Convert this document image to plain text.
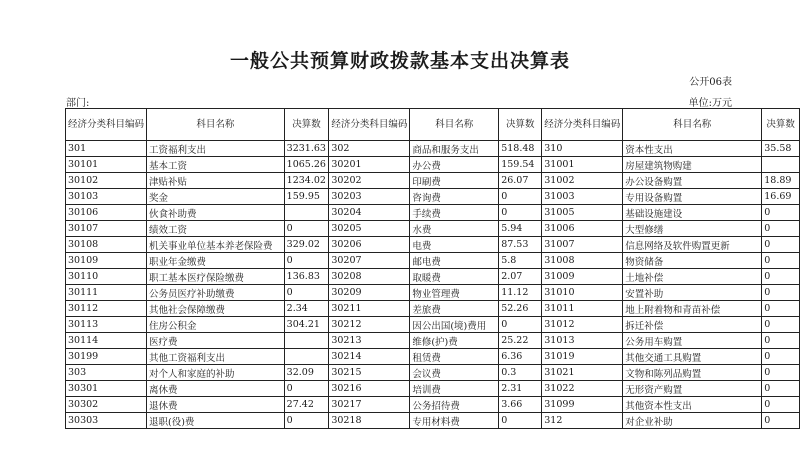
一般公共预算财政拨款基本支出决算表
公开06表
部门:	单位:万元
经济分类科目编码	科目名称	决算数	经济分类科目编码	科目名称	决算数	经济分类科目编码	科目名称	决算数
301	工资福利支出	3231.63	302	商品和服务支出	518.48	310	资本性支出	35.58
30101	基本工资	1065.26	30201	办公费	159.54	31001	房屋建筑物购建	
30102	津贴补贴	1234.02	30202	印刷费	26.07	31002	办公设备购置	18.89
30103	奖金	159.95	30203	咨询费	0	31003	专用设备购置	16.69
30106	伙食补助费		30204	手续费	0	31005	基础设施建设	0
30107	绩效工资	0	30205	水费	5.94	31006	大型修缮	0
30108	机关事业单位基本养老保险费	329.02	30206	电费	87.53	31007	信息网络及软件购置更新	0
30109	职业年金缴费	0	30207	邮电费	5.8	31008	物资储备	0
30110	职工基本医疗保险缴费	136.83	30208	取暖费	2.07	31009	土地补偿	0
30111	公务员医疗补助缴费	0	30209	物业管理费	11.12	31010	安置补助	0
30112	其他社会保障缴费	2.34	30211	差旅费	52.26	31011	地上附着物和青苗补偿	0
30113	住房公积金	304.21	30212	因公出国(境)费用	0	31012	拆迁补偿	0
30114	医疗费		30213	维修(护)费	25.22	31013	公务用车购置	0
30199	其他工资福利支出		30214	租赁费	6.36	31019	其他交通工具购置	0
303	对个人和家庭的补助	32.09	30215	会议费	0.3	31021	文物和陈列品购置	0
30301	离休费	0	30216	培训费	2.31	31022	无形资产购置	0
30302	退休费	27.42	30217	公务招待费	3.66	31099	其他资本性支出	0
30303	退职(役)费	0	30218	专用材料费	0	312	对企业补助	0
